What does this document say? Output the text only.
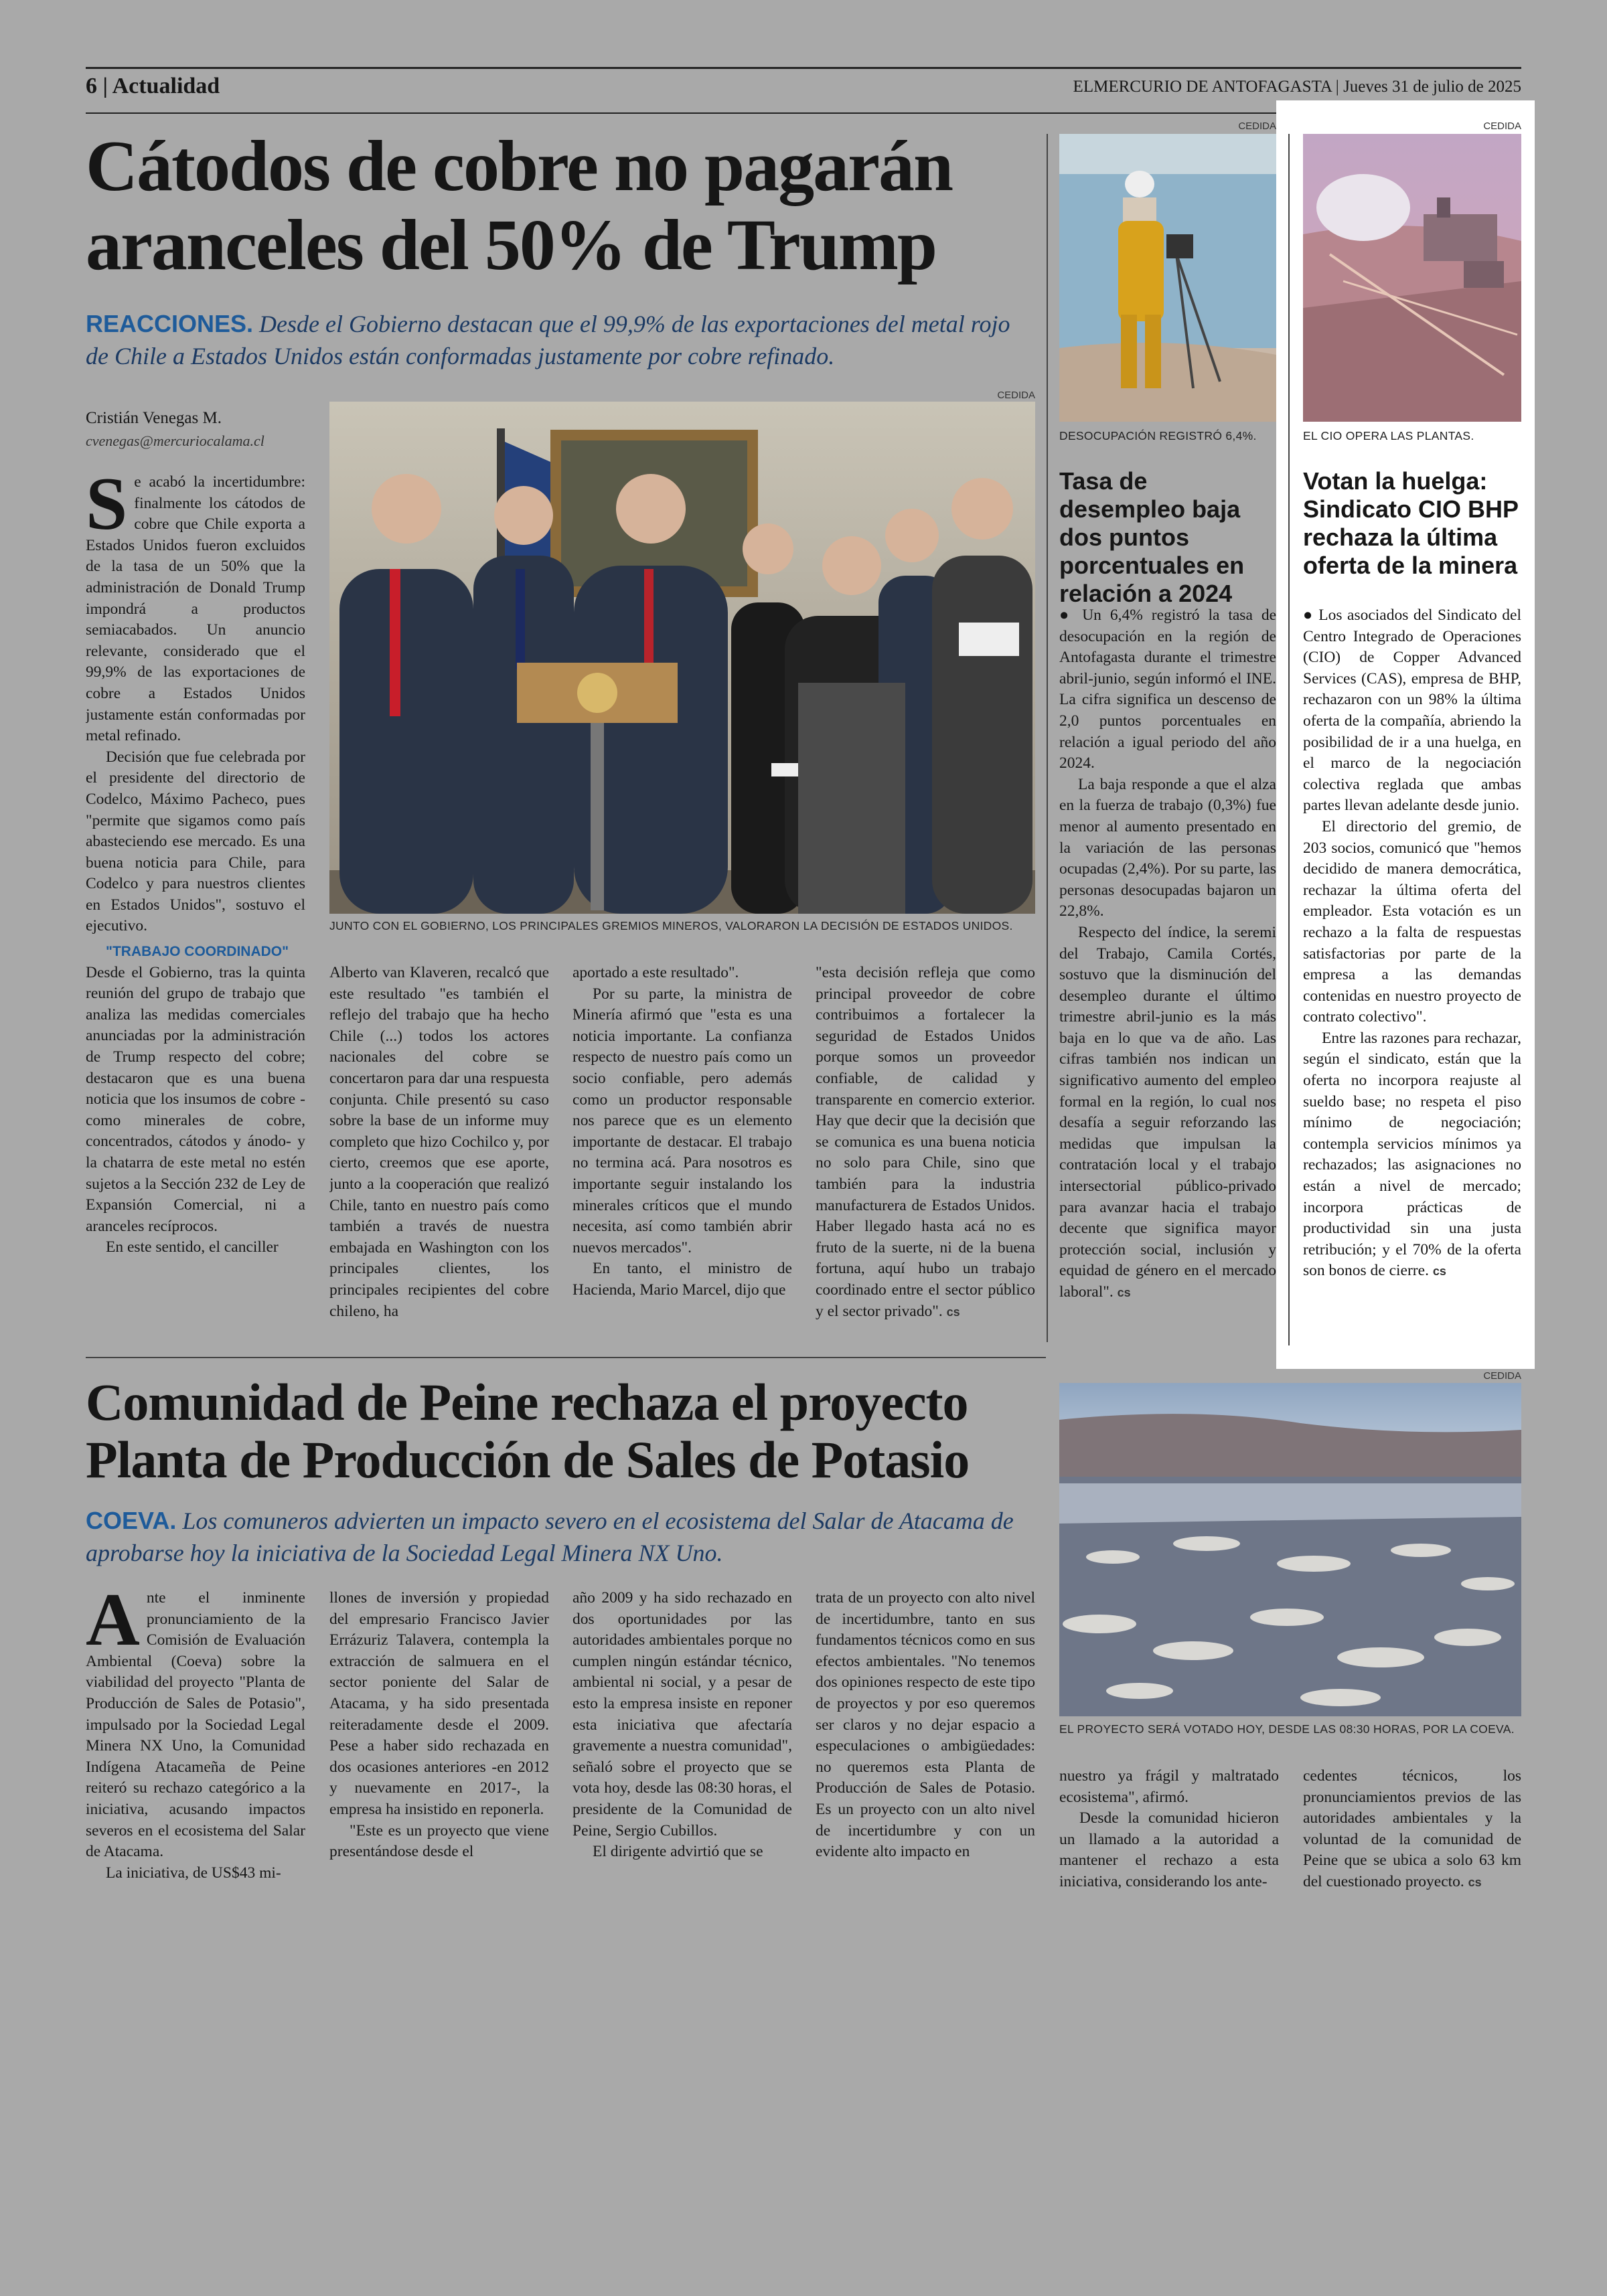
6 | Actualidad	ELMERCURIO DE ANTOFAGASTA | Jueves 31 de julio de 2025
Cátodos de cobre no pagarán aranceles del 50% de Trump
REACCIONES. Desde el Gobierno destacan que el 99,9% de las exportaciones del metal rojo de Chile a Estados Unidos están conformadas justamente por cobre refinado.
Cristián Venegas M.
cvenegas@mercuriocalama.cl
CEDIDA
JUNTO CON EL GOBIERNO, LOS PRINCIPALES GREMIOS MINEROS, VALORARON LA DECISIÓN DE ESTADOS UNIDOS.

Se acabó la incertidumbre: finalmente los cátodos de cobre que Chile exporta a Estados Unidos fueron excluidos de la tasa de un 50% que la administración de Donald Trump impondrá a productos semiacabados. Un anuncio relevante, considerado que el 99,9% de las exportaciones de cobre a Estados Unidos justamente están conformadas por metal refinado.

Decisión que fue celebrada por el presidente del directorio de Codelco, Máximo Pacheco, pues "permite que sigamos como país abasteciendo ese mercado. Es una buena noticia para Chile, para Codelco y para nuestros clientes en Estados Unidos", sostuvo el ejecutivo.

"TRABAJO COORDINADO"

Desde el Gobierno, tras la quinta reunión del grupo de trabajo que analiza las medidas comerciales anunciadas por la administración de Trump respecto del cobre; destacaron que es una buena noticia que los insumos de cobre -como minerales de cobre, concentrados, cátodos y ánodo- y la chatarra de este metal no estén sujetos a la Sección 232 de Ley de Expansión Comercial, ni a aranceles recíprocos.

En este sentido, el canciller

Alberto van Klaveren, recalcó que este resultado "es también el reflejo del trabajo que ha hecho Chile (...) todos los actores nacionales del cobre se concertaron para dar una respuesta conjunta. Chile presentó su caso sobre la base de un informe muy completo que hizo Cochilco y, por cierto, creemos que ese aporte, junto a la cooperación que realizó Chile, tanto en nuestro país como también a través de nuestra embajada en Washington con los principales clientes, los principales recipientes del cobre chileno, ha

aportado a este resultado".

Por su parte, la ministra de Minería afirmó que "esta es una noticia importante. La confianza respecto de nuestro país como un socio confiable, pero además como un productor responsable nos parece que es un elemento importante de destacar. El trabajo no termina acá. Para nosotros es importante seguir instalando los minerales críticos que el mundo necesita, así como también abrir nuevos mercados".

En tanto, el ministro de Hacienda, Mario Marcel, dijo que

"esta decisión refleja que como principal proveedor de cobre contribuimos a fortalecer la seguridad de Estados Unidos porque somos un proveedor confiable, de calidad y transparente en comercio exterior. Hay que decir que la decisión que se comunica es una buena noticia no solo para Chile, sino que también para la industria manufacturera de Estados Unidos. Haber llegado hasta acá no es fruto de la suerte, ni de la buena fortuna, aquí hubo un trabajo coordinado entre el sector público y el sector privado". cs

CEDIDA
DESOCUPACIÓN REGISTRÓ 6,4%.
Tasa de desempleo baja dos puntos porcentuales en relación a 2024

● Un 6,4% registró la tasa de desocupación en la región de Antofagasta durante el trimestre abril-junio, según informó el INE. La cifra significa un descenso de 2,0 puntos porcentuales en relación a igual periodo del año 2024.

La baja responde a que el alza en la fuerza de trabajo (0,3%) fue menor al aumento presentado en la variación de las personas ocupadas (2,4%). Por su parte, las personas desocupadas bajaron un 22,8%.

Respecto del índice, la seremi del Trabajo, Camila Cortés, sostuvo que la disminución del desempleo durante el último trimestre abril-junio es la más baja en lo que va de año. Las cifras también nos indican un significativo aumento del empleo formal en la región, lo cual nos desafía a seguir reforzando las medidas que impulsan la contratación local y el trabajo intersectorial público-privado para avanzar hacia el trabajo decente que significa mayor protección social, inclusión y equidad de género en el mercado laboral". cs

CEDIDA
EL CIO OPERA LAS PLANTAS.
Votan la huelga: Sindicato CIO BHP rechaza la última oferta de la minera

● Los asociados del Sindicato del Centro Integrado de Operaciones (CIO) de Copper Advanced Services (CAS), empresa de BHP, rechazaron con un 98% la última oferta de la compañía, abriendo la posibilidad de ir a una huelga, en el marco de la negociación colectiva reglada que ambas partes llevan adelante desde junio.

El directorio del gremio, de 203 socios, comunicó que "hemos decidido de manera democrática, rechazar la última oferta del empleador. Esta votación es un rechazo a la falta de respuestas satisfactorias por parte de la empresa a las demandas contenidas en nuestro proyecto de contrato colectivo".

Entre las razones para rechazar, según el sindicato, están que la oferta no incorpora reajuste al sueldo base; no respeta el piso mínimo de negociación; contempla servicios mínimos ya rechazados; las asignaciones no están a nivel de mercado; incorpora prácticas de productividad sin una justa retribución; y el 70% de la oferta son bonos de cierre. cs

Comunidad de Peine rechaza el proyecto Planta de Producción de Sales de Potasio
COEVA. Los comuneros advierten un impacto severo en el ecosistema del Salar de Atacama de aprobarse hoy la iniciativa de la Sociedad Legal Minera NX Uno.
CEDIDA
EL PROYECTO SERÁ VOTADO HOY, DESDE LAS 08:30 HORAS, POR LA COEVA.

Ante el inminente pronunciamiento de la Comisión de Evaluación Ambiental (Coeva) sobre la viabilidad del proyecto "Planta de Producción de Sales de Potasio", impulsado por la Sociedad Legal Minera NX Uno, la Comunidad Indígena Atacameña de Peine reiteró su rechazo categórico a la iniciativa, acusando impactos severos en el ecosistema del Salar de Atacama.

La iniciativa, de US$43 mi-

llones de inversión y propiedad del empresario Francisco Javier Errázuriz Talavera, contempla la extracción de salmuera en el sector poniente del Salar de Atacama, y ha sido presentada reiteradamente desde el 2009. Pese a haber sido rechazada en dos ocasiones anteriores -en 2012 y nuevamente en 2017-, la empresa ha insistido en reponerla.

"Este es un proyecto que viene presentándose desde el

año 2009 y ha sido rechazado en dos oportunidades por las autoridades ambientales porque no cumplen ningún estándar técnico, ambiental ni social, y a pesar de esto la empresa insiste en reponer esta iniciativa que afectaría gravemente a nuestra comunidad", señaló sobre el proyecto que se vota hoy, desde las 08:30 horas, el presidente de la Comunidad de Peine, Sergio Cubillos.

El dirigente advirtió que se

trata de un proyecto con alto nivel de incertidumbre, tanto en sus fundamentos técnicos como en sus efectos ambientales. "No tenemos dos opiniones respecto de este tipo de proyectos y por eso queremos ser claros y no dejar espacio a especulaciones o ambigüedades: no queremos esta Planta de Producción de Sales de Potasio. Es un proyecto con un alto nivel de incertidumbre y con un evidente alto impacto en

nuestro ya frágil y maltratado ecosistema", afirmó.

Desde la comunidad hicieron un llamado a la autoridad a mantener el rechazo a esta iniciativa, considerando los ante-

cedentes técnicos, los pronunciamientos previos de las autoridades ambientales y la voluntad de la comunidad de Peine que se ubica a solo 63 km del cuestionado proyecto. cs
